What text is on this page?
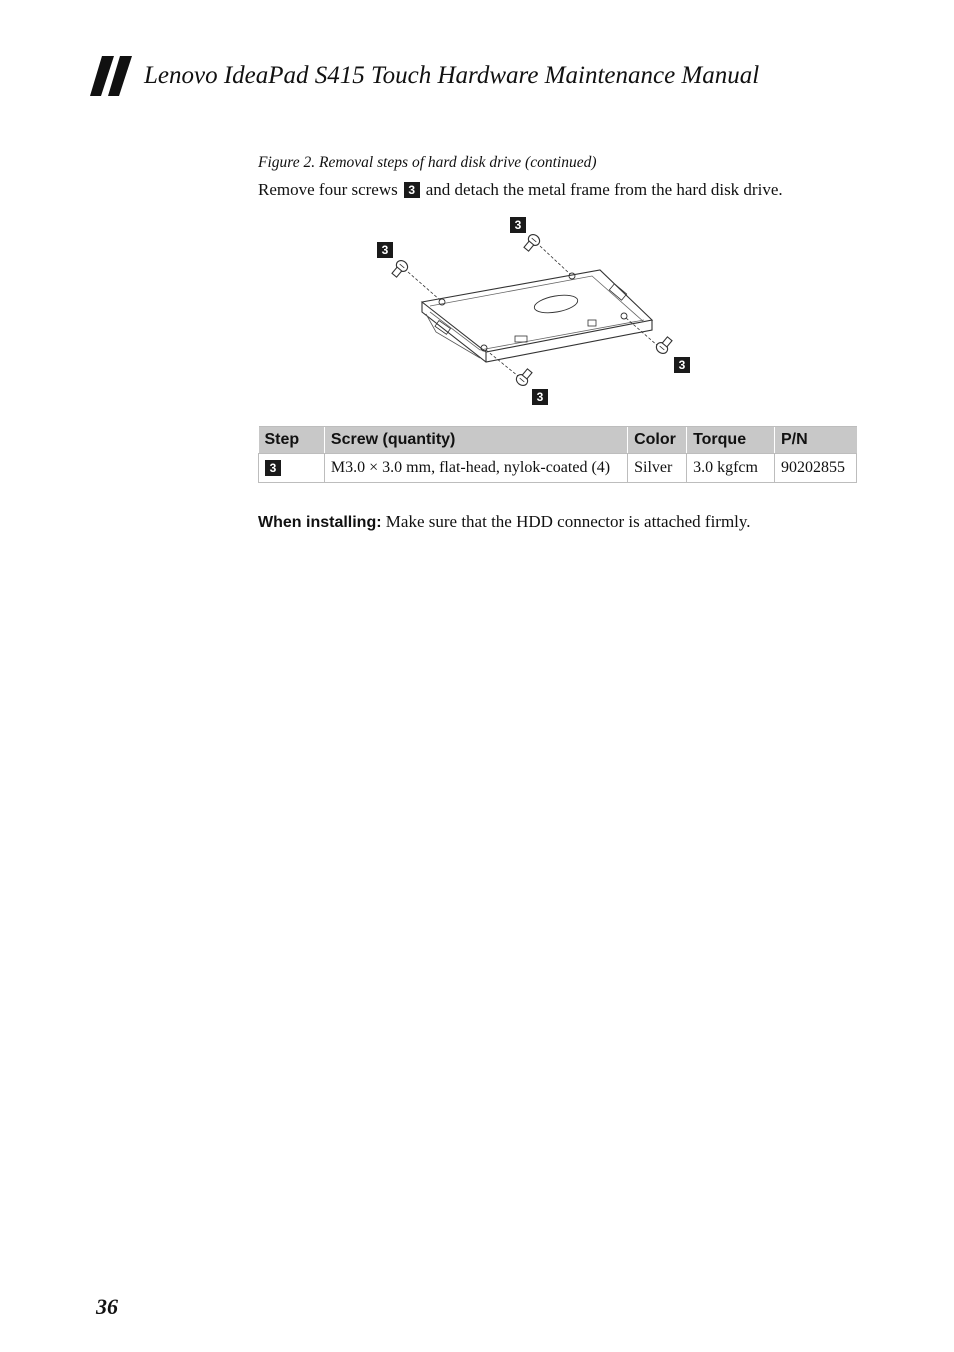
Lenovo IdeaPad S415 Touch Hardware Maintenance Manual
Figure 2. Removal steps of hard disk drive (continued)
Remove four screws 3 and detach the metal frame from the hard disk drive.
3
3
3
3
Step	Screw (quantity)	Color	Torque	P/N
3	M3.0 × 3.0 mm, flat-head, nylok-coated (4)	Silver	3.0 kgfcm	90202855
When installing: Make sure that the HDD connector is attached firmly.
36
